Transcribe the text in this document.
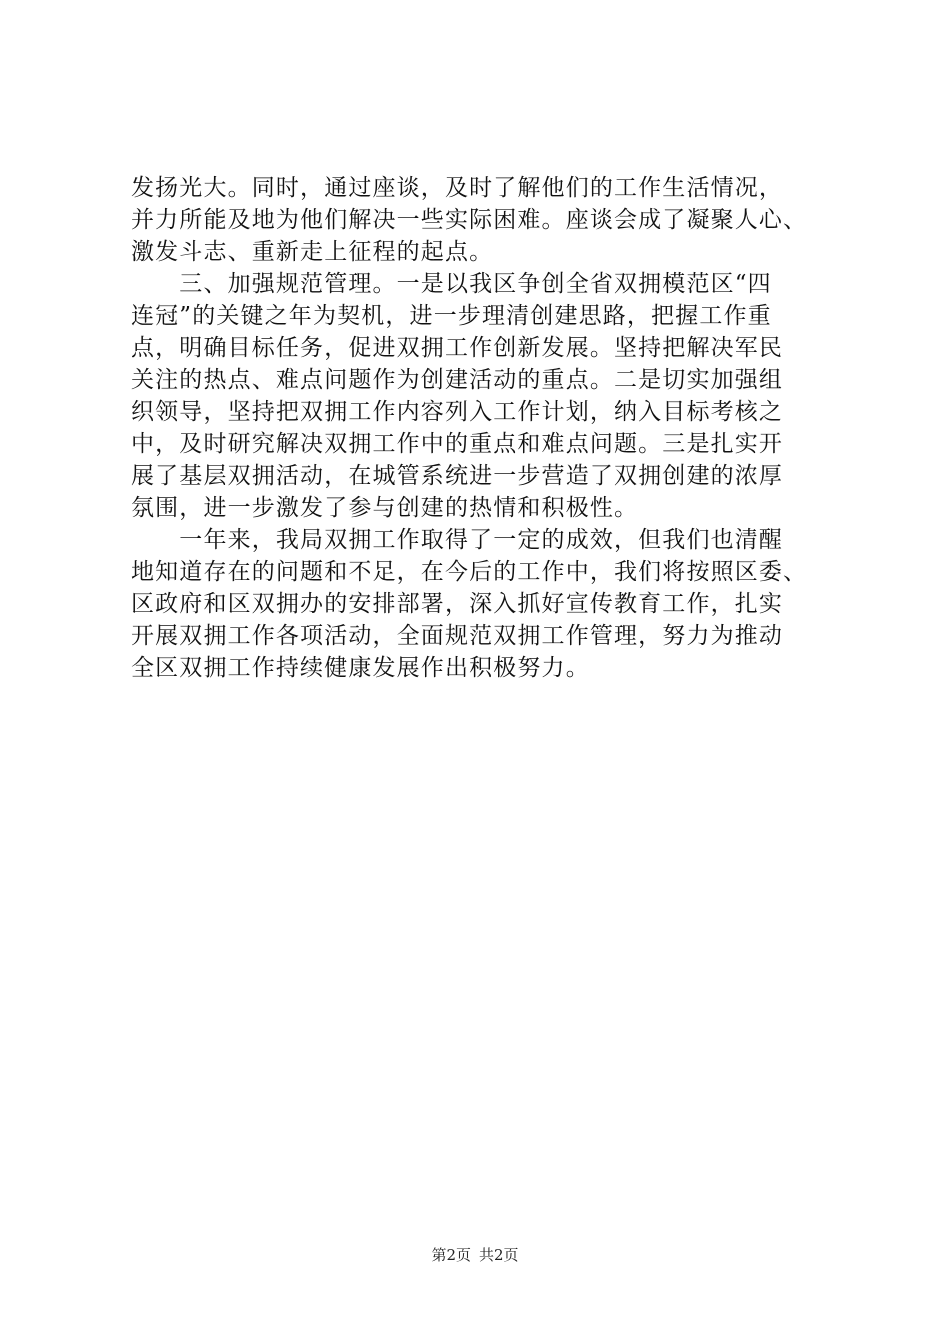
发扬光大。同时，通过座谈，及时了解他们的工作生活情况，
并力所能及地为他们解决一些实际困难。座谈会成了凝聚人心、
激发斗志、重新走上征程的起点。
　　三、加强规范管理。一是以我区争创全省双拥模范区“四
连冠”的关键之年为契机，进一步理清创建思路，把握工作重
点，明确目标任务，促进双拥工作创新发展。坚持把解决军民
关注的热点、难点问题作为创建活动的重点。二是切实加强组
织领导，坚持把双拥工作内容列入工作计划，纳入目标考核之
中，及时研究解决双拥工作中的重点和难点问题。三是扎实开
展了基层双拥活动，在城管系统进一步营造了双拥创建的浓厚
氛围，进一步激发了参与创建的热情和积极性。
　　一年来，我局双拥工作取得了一定的成效，但我们也清醒
地知道存在的问题和不足，在今后的工作中，我们将按照区委、
区政府和区双拥办的安排部署，深入抓好宣传教育工作，扎实
开展双拥工作各项活动，全面规范双拥工作管理，努力为推动
全区双拥工作持续健康发展作出积极努力。
第2页 共2页
